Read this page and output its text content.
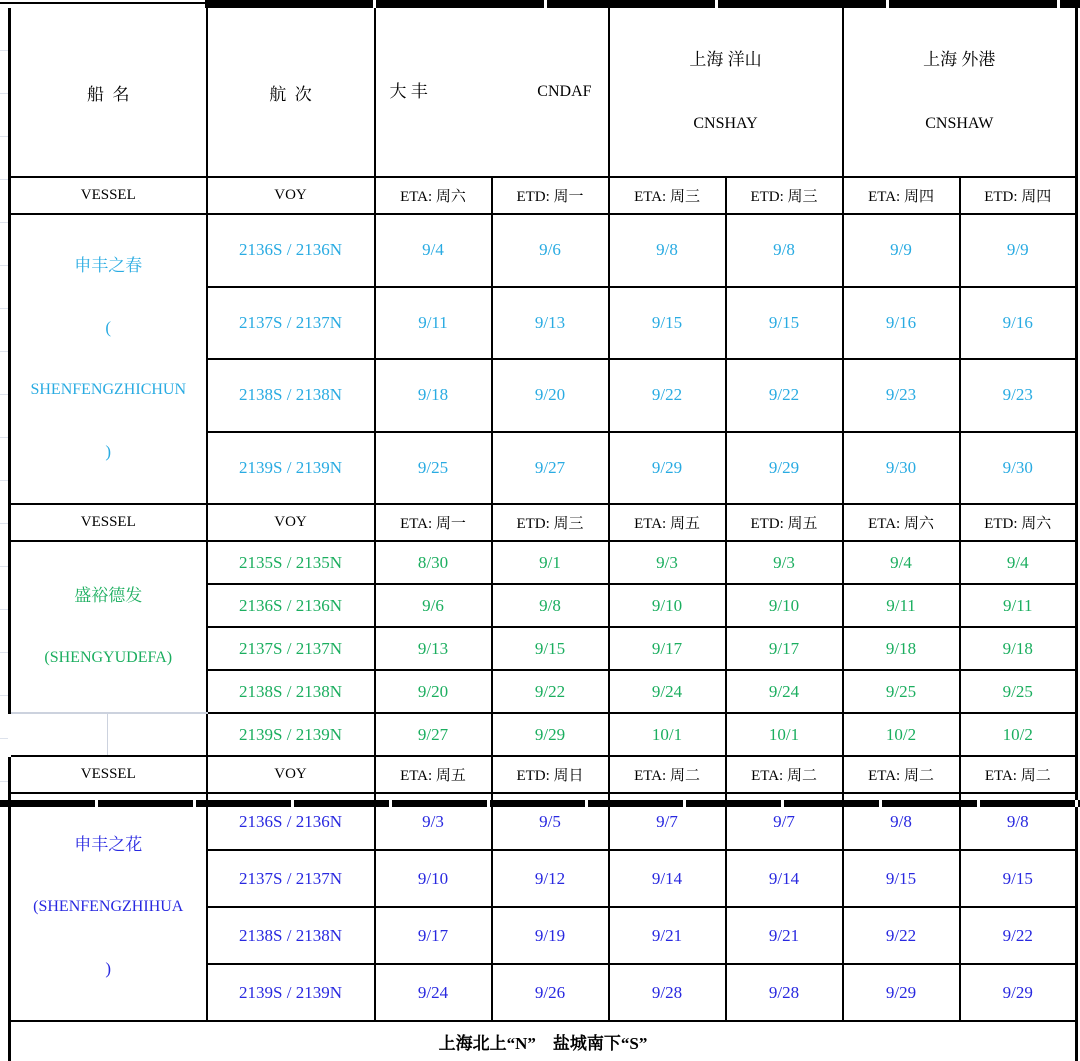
船  名	航  次	大 丰	CNDAF

上海 洋山

CNSHAY

上海 外港

CNSHAW

VESSEL	VOY	ETA: 周六	ETD: 周一	ETA: 周三	ETD: 周三	ETA: 周四	ETD: 周四

申丰之春

(

SHENFENGZHICHUN

)	2136S / 2136N	9/4	9/6	9/8	9/8	9/9	9/9
	2137S / 2137N	9/11	9/13	9/15	9/15	9/16	9/16
	2138S / 2138N	9/18	9/20	9/22	9/22	9/23	9/23
	2139S / 2139N	9/25	9/27	9/29	9/29	9/30	9/30
VESSEL	VOY	ETA: 周一	ETD: 周三	ETA: 周五	ETD: 周五	ETA: 周六	ETD: 周六

盛裕德发

(SHENGYUDEFA)	2135S / 2135N	8/30	9/1	9/3	9/3	9/4	9/4
	2136S / 2136N	9/6	9/8	9/10	9/10	9/11	9/11
	2137S / 2137N	9/13	9/15	9/17	9/17	9/18	9/18
	2138S / 2138N	9/20	9/22	9/24	9/24	9/25	9/25
	2139S / 2139N	9/27	9/29	10/1	10/1	10/2	10/2
VESSEL	VOY	ETA: 周五	ETD: 周日	ETA: 周二	ETA: 周二	ETA: 周二	ETA: 周二

申丰之花

(SHENFENGZHIHUA

)	2136S / 2136N	9/3	9/5	9/7	9/7	9/8	9/8
	2137S / 2137N	9/10	9/12	9/14	9/14	9/15	9/15
	2138S / 2138N	9/17	9/19	9/21	9/21	9/22	9/22
	2139S / 2139N	9/24	9/26	9/28	9/28	9/29	9/29
上海北上“N”    盐城南下“S”							
